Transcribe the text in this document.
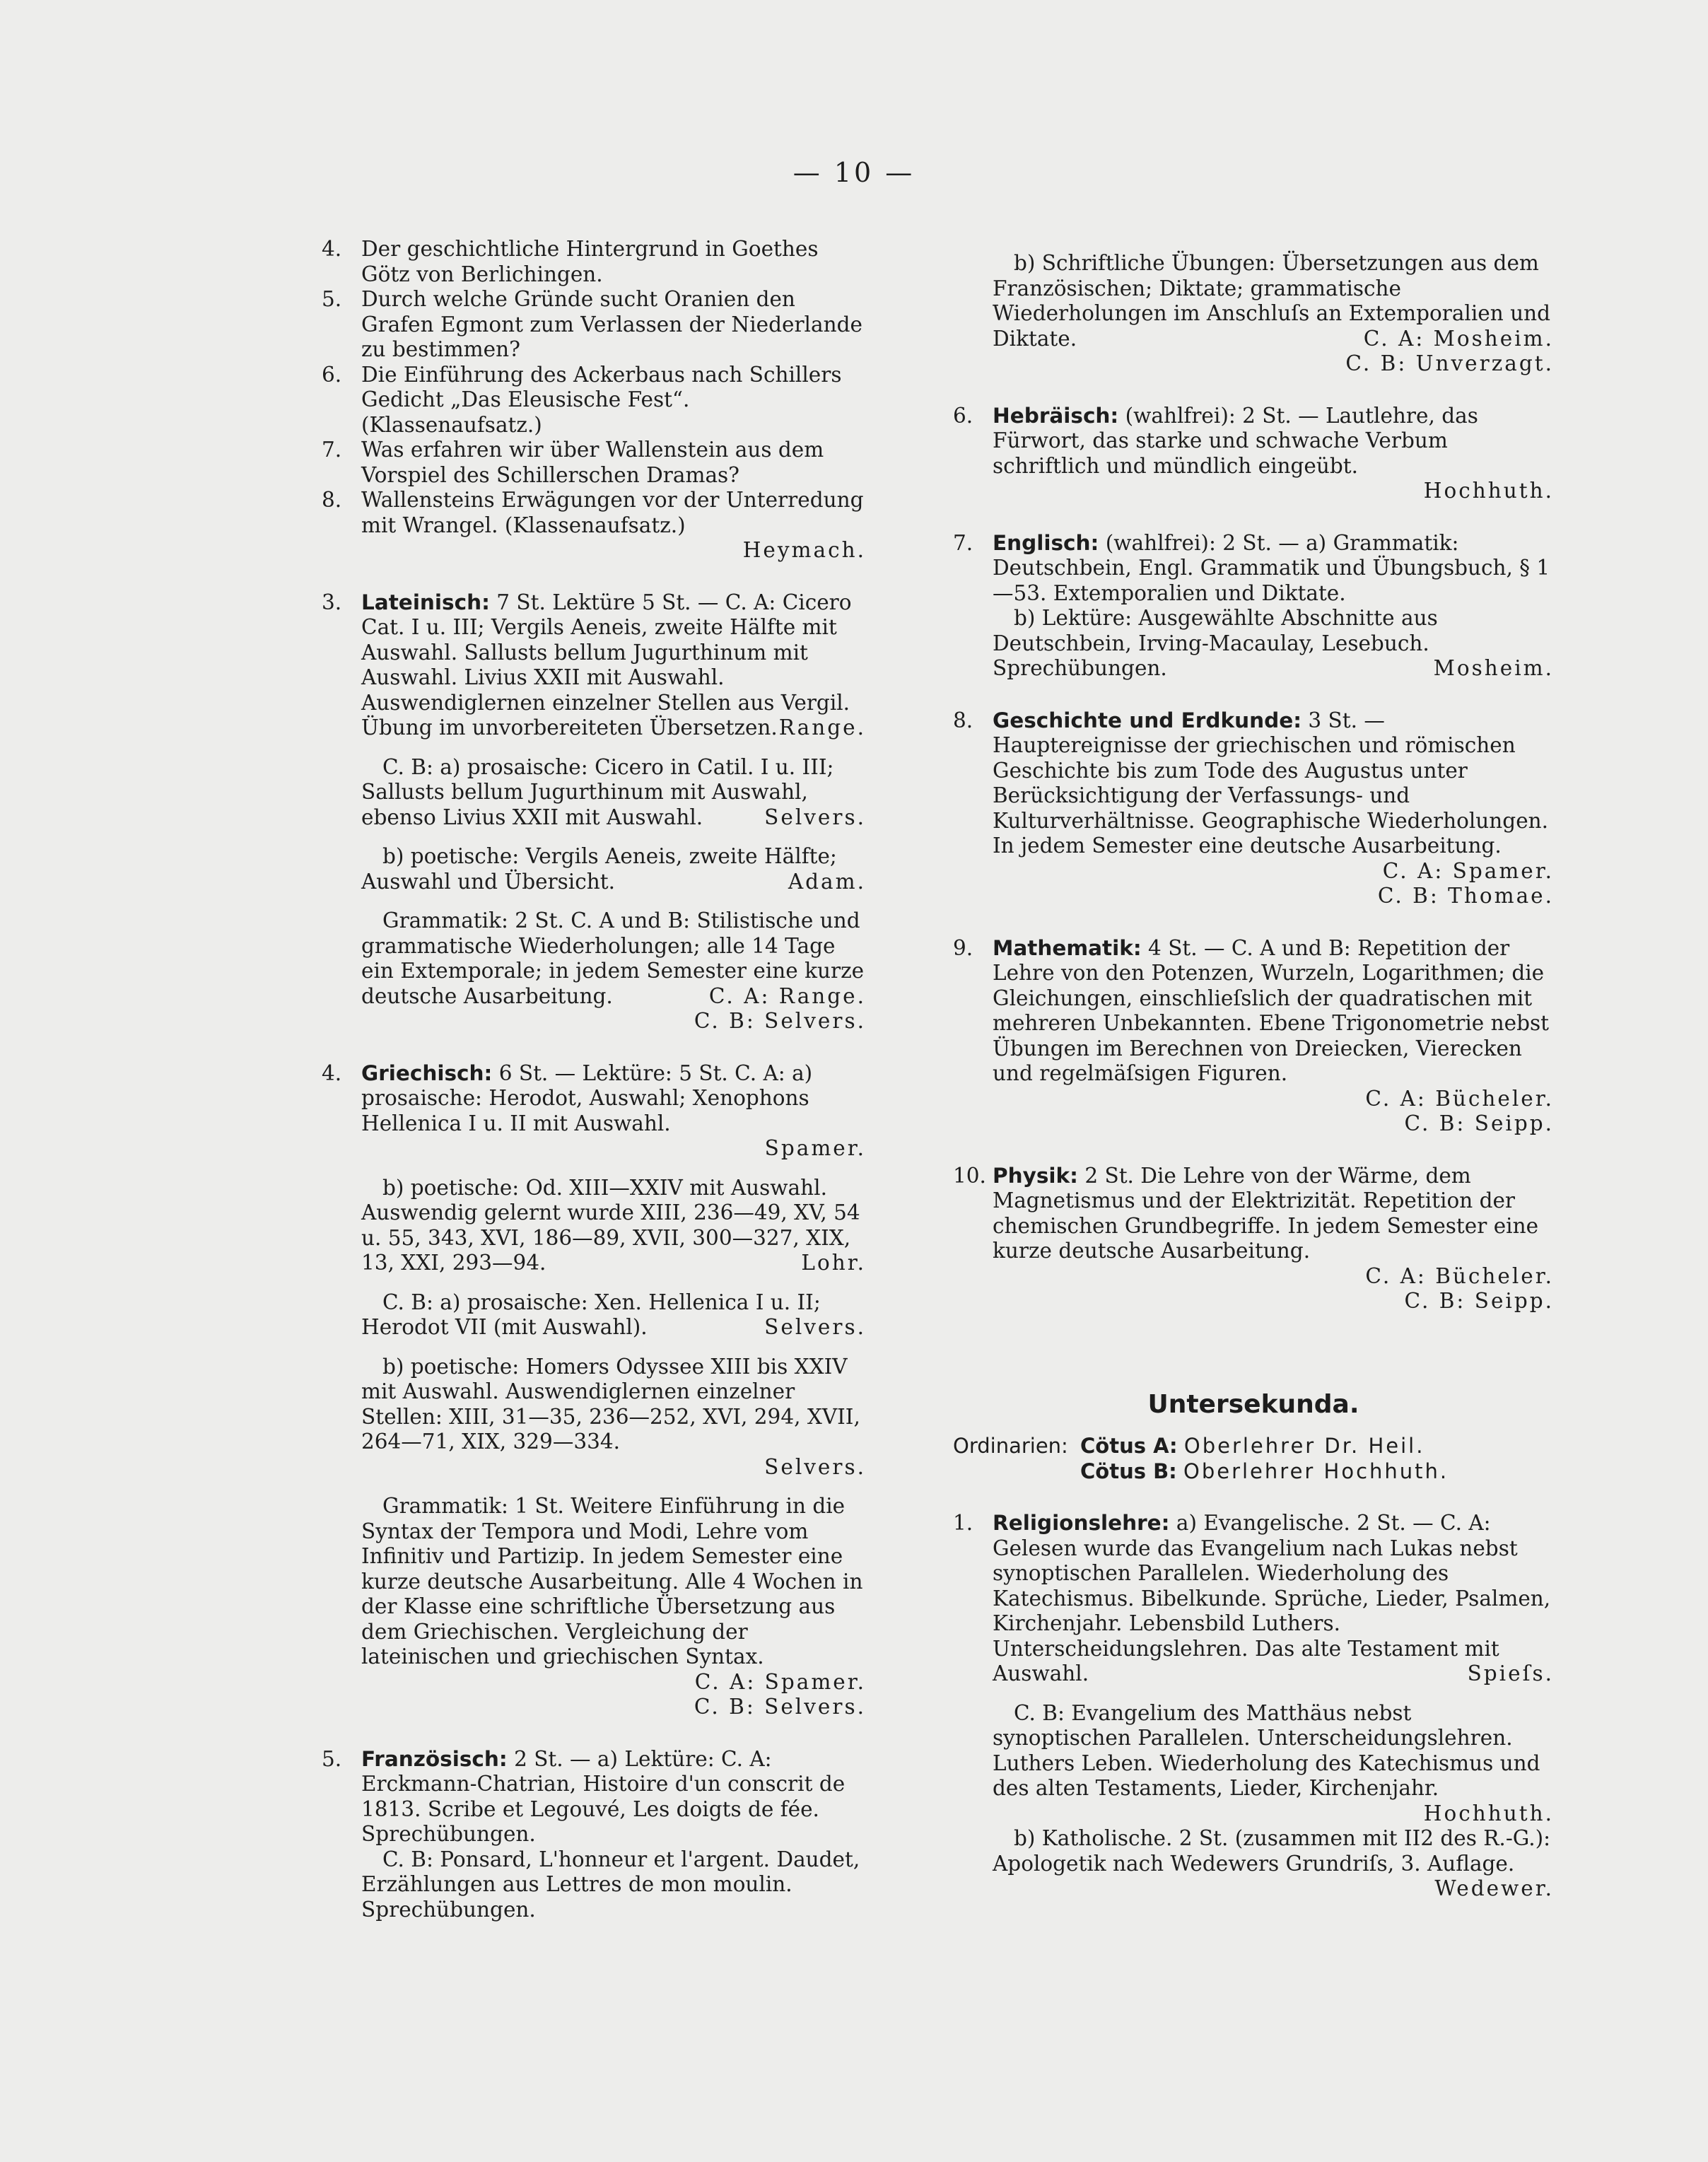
— 10 —
4. Der geschichtliche Hintergrund in Goethes Götz von Berlichingen.
5. Durch welche Gründe sucht Oranien den Grafen Egmont zum Verlassen der Niederlande zu bestimmen?
6. Die Einführung des Ackerbaus nach Schillers Gedicht „Das Eleusische Fest“. (Klassenaufsatz.)
7. Was erfahren wir über Wallenstein aus dem Vorspiel des Schillerschen Dramas?
8. Wallensteins Erwägungen vor der Unterredung mit Wrangel. (Klassenaufsatz.)
Heymach.
3. Lateinisch: 7 St. Lektüre 5 St. — C. A: Cicero Cat. I u. III; Vergils Aeneis, zweite Hälfte mit Auswahl. Sallusts bellum Jugurthinum mit Auswahl. Livius XXII mit Auswahl. Auswendiglernen einzelner Stellen aus Vergil. Übung im unvorbereiteten Übersetzen. Range.
C. B: a) prosaische: Cicero in Catil. I u. III; Sallusts bellum Jugurthinum mit Auswahl, ebenso Livius XXII mit Auswahl.	Selvers.
b) poetische: Vergils Aeneis, zweite Hälfte; Auswahl und Übersicht.	Adam.
Grammatik: 2 St. C. A und B: Stilistische und grammatische Wiederholungen; alle 14 Tage ein Extemporale; in jedem Semester eine kurze deutsche Ausarbeitung.	C. A: Range.
C. B: Selvers.
4. Griechisch: 6 St. — Lektüre: 5 St. C. A: a) prosaische: Herodot, Auswahl; Xenophons Hellenica I u. II mit Auswahl.
Spamer.
b) poetische: Od. XIII—XXIV mit Auswahl. Auswendig gelernt wurde XIII, 236—49, XV, 54 u. 55, 343, XVI, 186—89, XVII, 300—327, XIX, 13, XXI, 293—94.	Lohr.
C. B: a) prosaische: Xen. Hellenica I u. II; Herodot VII (mit Auswahl).	Selvers.
b) poetische: Homers Odyssee XIII bis XXIV mit Auswahl. Auswendiglernen einzelner Stellen: XIII, 31—35, 236—252, XVI, 294, XVII, 264—71, XIX, 329—334.
Selvers.
Grammatik: 1 St. Weitere Einführung in die Syntax der Tempora und Modi, Lehre vom Infinitiv und Partizip. In jedem Semester eine kurze deutsche Ausarbeitung. Alle 4 Wochen in der Klasse eine schriftliche Übersetzung aus dem Griechischen. Vergleichung der lateinischen und griechischen Syntax.
C. A: Spamer.
C. B: Selvers.
5. Französisch: 2 St. — a) Lektüre: C. A: Erckmann-Chatrian, Histoire d'un conscrit de 1813. Scribe et Legouvé, Les doigts de fée. Sprechübungen.
C. B: Ponsard, L'honneur et l'argent. Daudet, Erzählungen aus Lettres de mon moulin. Sprechübungen.
b) Schriftliche Übungen: Übersetzungen aus dem Französischen; Diktate; grammatische Wiederholungen im Anschluſs an Extemporalien und Diktate.	C. A: Mosheim.
C. B: Unverzagt.
6. Hebräisch: (wahlfrei): 2 St. — Lautlehre, das Fürwort, das starke und schwache Verbum schriftlich und mündlich eingeübt.
Hochhuth.
7. Englisch: (wahlfrei): 2 St. — a) Grammatik: Deutschbein, Engl. Grammatik und Übungsbuch, § 1—53. Extemporalien und Diktate.
b) Lektüre: Ausgewählte Abschnitte aus Deutschbein, Irving-Macaulay, Lesebuch. Sprechübungen.	Mosheim.
8. Geschichte und Erdkunde: 3 St. — Hauptereignisse der griechischen und römischen Geschichte bis zum Tode des Augustus unter Berücksichtigung der Verfassungs- und Kulturverhältnisse. Geographische Wiederholungen. In jedem Semester eine deutsche Ausarbeitung.
C. A: Spamer.
C. B: Thomae.
9. Mathematik: 4 St. — C. A und B: Repetition der Lehre von den Potenzen, Wurzeln, Logarithmen; die Gleichungen, einschlieſslich der quadratischen mit mehreren Unbekannten. Ebene Trigonometrie nebst Übungen im Berechnen von Dreiecken, Vierecken und regelmäſsigen Figuren.
C. A: Bücheler.
C. B: Seipp.
10. Physik: 2 St. Die Lehre von der Wärme, dem Magnetismus und der Elektrizität. Repetition der chemischen Grundbegriffe. In jedem Semester eine kurze deutsche Ausarbeitung.
C. A: Bücheler.
C. B: Seipp.
Untersekunda.
Ordinarien: Cötus A:
Oberlehrer Dr. Heil.
Cötus B:
Oberlehrer Hochhuth.
1. Religionslehre: a) Evangelische. 2 St. — C. A: Gelesen wurde das Evangelium nach Lukas nebst synoptischen Parallelen. Wiederholung des Katechismus. Bibelkunde. Sprüche, Lieder, Psalmen, Kirchenjahr. Lebensbild Luthers. Unterscheidungslehren. Das alte Testament mit Auswahl.	Spieſs.
C. B: Evangelium des Matthäus nebst synoptischen Parallelen. Unterscheidungslehren. Luthers Leben. Wiederholung des Katechismus und des alten Testaments, Lieder, Kirchenjahr.
Hochhuth.
b) Katholische. 2 St. (zusammen mit II2 des R.-G.): Apologetik nach Wedewers Grundriſs, 3. Auflage.
Wedewer.
